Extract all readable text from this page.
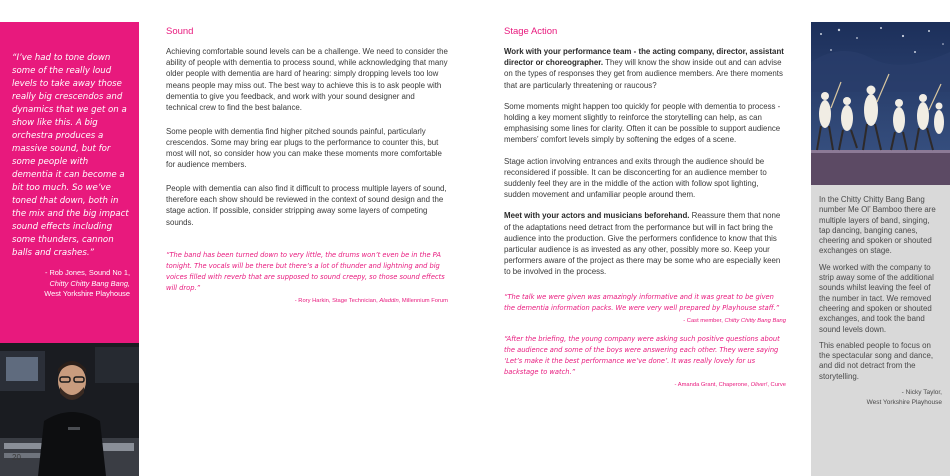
“I’ve had to tone down some of the really loud levels to take away those really big crescendos and dynamics that we get on a show like this. A big orchestra produces a massive sound, but for some people with dementia it can become a bit too much. So we’ve toned that down, both in the mix and the big impact sound effects including some thunders, cannon balls and crashes.”

- Rob Jones, Sound No 1,
Chitty Chitty Bang Bang,
West Yorkshire Playhouse
20
Sound

Achieving comfortable sound levels can be a challenge. We need to consider the ability of people with dementia to process sound, while acknowledging that many older people with dementia are hard of hearing: simply dropping levels too low means people may miss out. The best way to achieve this is to ask people with dementia to give you feedback, and work with your sound designer and technical crew to find the best balance.

Some people with dementia find higher pitched sounds painful, particularly crescendos. Some may bring ear plugs to the performance to counter this, but most will not, so consider how you can make these moments more comfortable for audience members.

People with dementia can also find it difficult to process multiple layers of sound, therefore each show should be reviewed in the context of sound design and the stage action. If possible, consider stripping away some layers of competing sounds.

“The band has been turned down to very little, the drums won’t even be in the PA tonight. The vocals will be there but there’s a lot of thunder and lightning and big voices filled with reverb that are supposed to sound creepy, so those sound effects will drop.”

- Rory Harkin, Stage Technician, Aladdin, Millennium Forum

Stage Action

Work with your performance team - the acting company, director, assistant director or choreographer. They will know the show inside out and can advise on the types of responses they get from audience members. Are there moments that are particularly threatening or raucous?

Some moments might happen too quickly for people with dementia to process - holding a key moment slightly to reinforce the storytelling can help, as can emphasising some lines for clarity. Often it can be possible to support audience members’ comfort levels simply by softening the edges of a scene.

Stage action involving entrances and exits through the audience should be reconsidered if possible. It can be disconcerting for an audience member to suddenly feel they are in the middle of the action with follow spot lighting, sudden movement and unfamiliar people around them.

Meet with your actors and musicians beforehand. Reassure them that none of the adaptations need detract from the performance but will in fact bring the audience into the production. Give the performers confidence to know that this particular audience is as invested as any other, possibly more so. Keep your performers aware of the project as there may be some who are especially keen to be involved in the process.

“The talk we were given was amazingly informative and it was great to be given the dementia information packs. We were very well prepared by Playhouse staff.”

- Cast member, Chitty Chitty Bang Bang

“After the briefing, the young company were asking such positive questions about the audience and some of the boys were answering each other. They were saying ‘Let’s make it the best performance we’ve done’. It was really lovely for us backstage to watch.”

- Amanda Grant, Chaperone, Oliver!, Curve

In the Chitty Chitty Bang Bang number Me Ol’ Bamboo there are multiple layers of band, singing, tap dancing, banging canes, cheering and spoken or shouted exchanges on stage.

We worked with the company to strip away some of the additional sounds whilst leaving the feel of the number in tact. We removed cheering and spoken or shouted exchanges, and took the band sound levels down.

This enabled people to focus on the spectacular song and dance, and did not detract from the storytelling.

- Nicky Taylor,
West Yorkshire Playhouse
